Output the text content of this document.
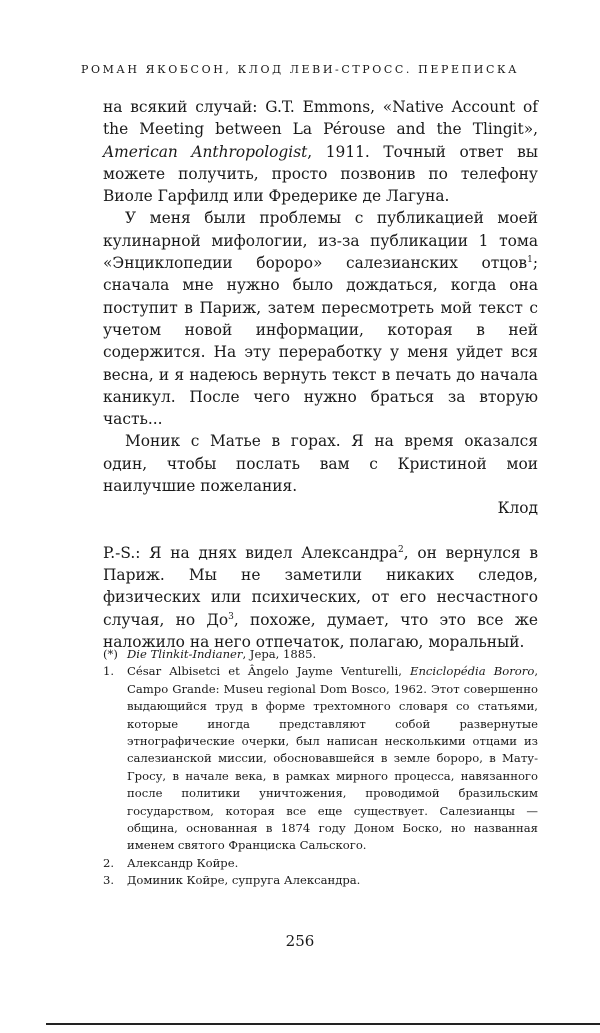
РОМАН ЯКОБСОН, КЛОД ЛЕВИ-СТРОСС. ПЕРЕПИСКА

на всякий случай: G.T. Emmons, «Native Account of the Meeting between La Pérouse and the Tlingit», American Anthropologist, 1911. Точный ответ вы можете получить, просто позвонив по телефону Виоле Гарфилд или Фредерике де Лагуна.

У меня были проблемы с публикацией моей кулинарной мифологии, из-за публикации 1 тома «Энциклопедии бороро» салезианских отцов$^1$; сначала мне нужно было дождаться, когда она поступит в Париж, затем пересмотреть мой текст с учетом новой информации, которая в ней содержится. На эту переработку у меня уйдет вся весна, и я надеюсь вернуть текст в печать до начала каникул. После чего нужно браться за вторую часть...

Моник с Матье в горах. Я на время оказался один, чтобы послать вам с Кристиной мои наилучшие пожелания.

Клод

P.-S.: Я на днях видел Александра$^2$, он вернулся в Париж. Мы не заметили никаких следов, физических или психических, от его несчастного случая, но $До^3$, похоже, думает, что это все же наложило на него отпечаток, полагаю, моральный.

(*) Die Tlinkit-Indianer, Jера, 1885.
1.	César Albisetci et Ângelo Jayme Venturelli, Enciclopédia Bororo, Campo Grande: Museu regional Dom Bosco, 1962. Этот совершенно выдающийся труд в форме трехтомного словаря со статьями, которые иногда представляют собой развернутые этнографические очерки, был написан несколькими отцами из салезианской миссии, обосновавшейся в земле бороро, в Мату-Гросу, в начале века, в рамках мирного процесса, навязанного после политики уничтожения, проводимой бразильским государством, которая все еще существует. Салезианцы — община, основанная в 1874 году Доном Боско, но названная именем святого Франциска Сальского.
2.	Александр Койре.
3.	Доминик Койре, супруга Александра.
256
